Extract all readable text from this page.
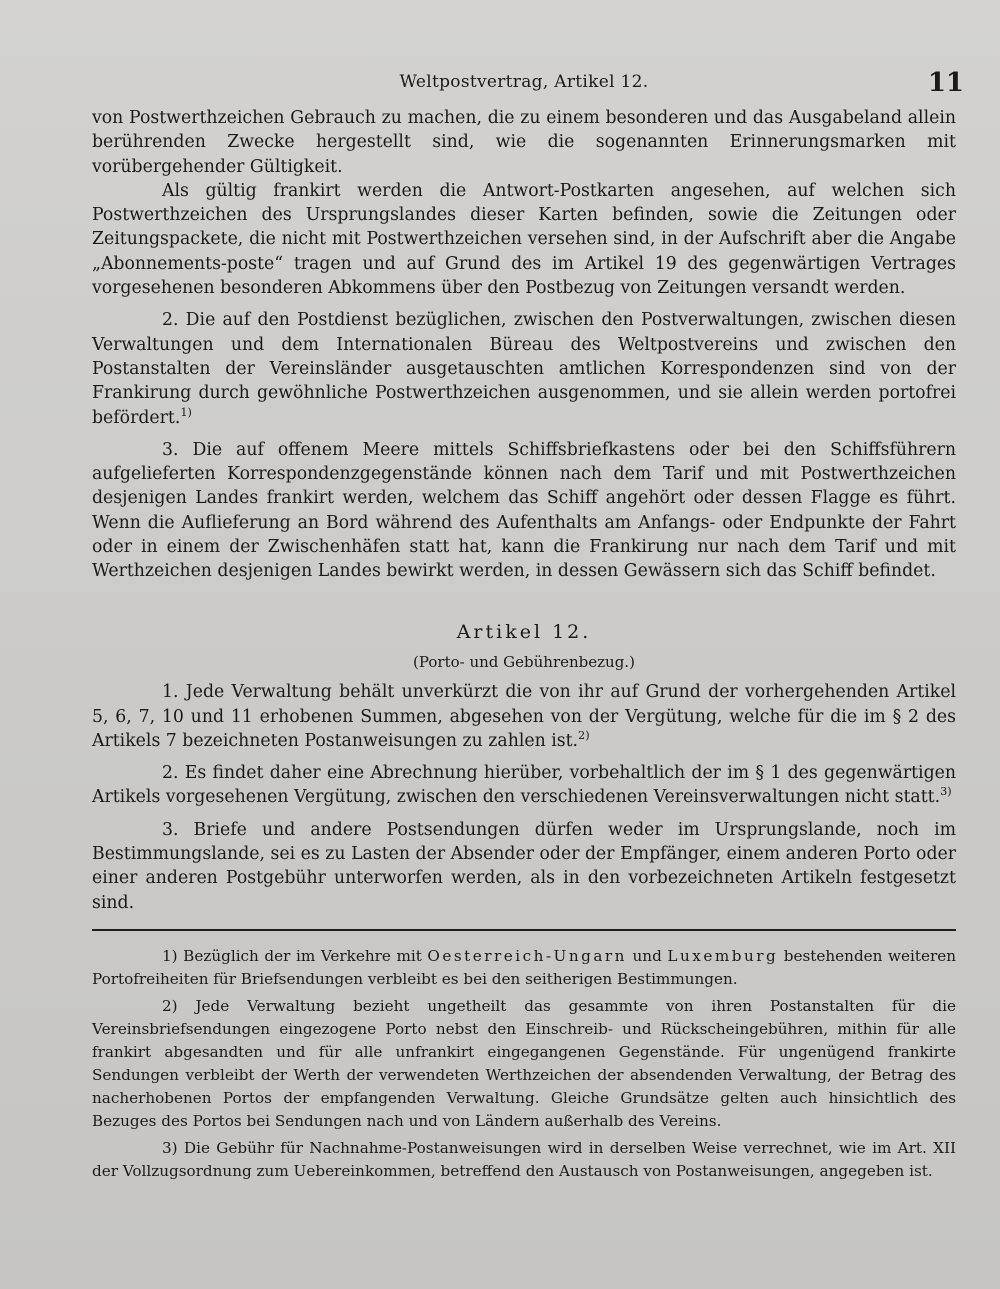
Weltpostvertrag, Artikel 12.	11

von Postwerthzeichen Gebrauch zu machen, die zu einem besonderen und das Ausgabeland allein berührenden Zwecke hergestellt sind, wie die sogenannten Erinnerungsmarken mit vorübergehender Gültigkeit.

Als gültig frankirt werden die Antwort-Postkarten angesehen, auf welchen sich Postwerthzeichen des Ursprungslandes dieser Karten befinden, sowie die Zeitungen oder Zeitungspackete, die nicht mit Postwerthzeichen versehen sind, in der Aufschrift aber die Angabe „Abonnements-poste“ tragen und auf Grund des im Artikel 19 des gegenwärtigen Vertrages vorgesehenen besonderen Abkommens über den Postbezug von Zeitungen versandt werden.

2. Die auf den Postdienst bezüglichen, zwischen den Postverwaltungen, zwischen diesen Verwaltungen und dem Internationalen Büreau des Weltpostvereins und zwischen den Postanstalten der Vereinsländer ausgetauschten amtlichen Korrespondenzen sind von der Frankirung durch gewöhnliche Postwerthzeichen ausgenommen, und sie allein werden portofrei befördert.$^{1)}$

3. Die auf offenem Meere mittels Schiffsbriefkastens oder bei den Schiffsführern aufgelieferten Korrespondenzgegenstände können nach dem Tarif und mit Postwerthzeichen desjenigen Landes frankirt werden, welchem das Schiff angehört oder dessen Flagge es führt. Wenn die Auflieferung an Bord während des Aufenthalts am Anfangs- oder Endpunkte der Fahrt oder in einem der Zwischenhäfen statt hat, kann die Frankirung nur nach dem Tarif und mit Werthzeichen desjenigen Landes bewirkt werden, in dessen Gewässern sich das Schiff befindet.

Artikel 12.
(Porto- und Gebührenbezug.)

1. Jede Verwaltung behält unverkürzt die von ihr auf Grund der vorhergehenden Artikel 5, 6, 7, 10 und 11 erhobenen Summen, abgesehen von der Vergütung, welche für die im § 2 des Artikels 7 bezeichneten Postanweisungen zu zahlen ist.$^{2)}$

2. Es findet daher eine Abrechnung hierüber, vorbehaltlich der im § 1 des gegenwärtigen Artikels vorgesehenen Vergütung, zwischen den verschiedenen Vereinsverwaltungen nicht statt.$^{3)}$

3. Briefe und andere Postsendungen dürfen weder im Ursprungslande, noch im Bestimmungslande, sei es zu Lasten der Absender oder der Empfänger, einem anderen Porto oder einer anderen Postgebühr unterworfen werden, als in den vorbezeichneten Artikeln festgesetzt sind.

1) Bezüglich der im Verkehre mit Oesterreich-Ungarn und Luxemburg bestehenden weiteren Portofreiheiten für Briefsendungen verbleibt es bei den seitherigen Bestimmungen.

2) Jede Verwaltung bezieht ungetheilt das gesammte von ihren Postanstalten für die Vereinsbriefsendungen eingezogene Porto nebst den Einschreib- und Rückscheingebühren, mithin für alle frankirt abgesandten und für alle unfrankirt eingegangenen Gegenstände. Für ungenügend frankirte Sendungen verbleibt der Werth der verwendeten Werthzeichen der absendenden Verwaltung, der Betrag des nacherhobenen Portos der empfangenden Verwaltung. Gleiche Grundsätze gelten auch hinsichtlich des Bezuges des Portos bei Sendungen nach und von Ländern außerhalb des Vereins.

3) Die Gebühr für Nachnahme-Postanweisungen wird in derselben Weise verrechnet, wie im Art. XII der Vollzugsordnung zum Uebereinkommen, betreffend den Austausch von Postanweisungen, angegeben ist.
